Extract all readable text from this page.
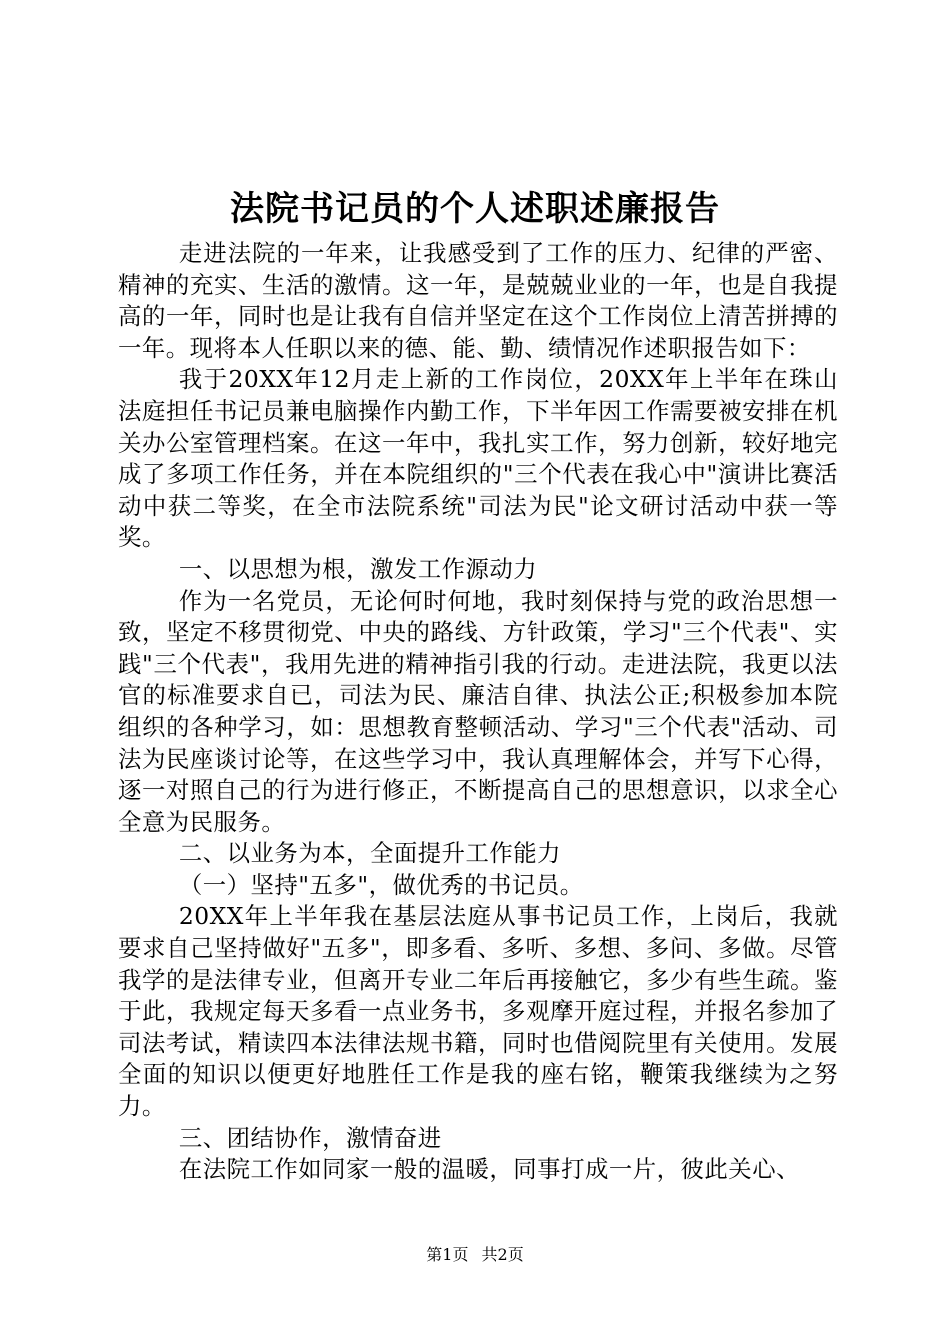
法院书记员的个人述职述廉报告

走进法院的一年来，让我感受到了工作的压力、纪律的严密、精神的充实、生活的激情。这一年，是兢兢业业的一年，也是自我提高的一年，同时也是让我有自信并坚定在这个工作岗位上清苦拼搏的一年。现将本人任职以来的德、能、勤、绩情况作述职报告如下：

我于20XX年12月走上新的工作岗位，20XX年上半年在珠山法庭担任书记员兼电脑操作内勤工作，下半年因工作需要被安排在机关办公室管理档案。在这一年中，我扎实工作，努力创新，较好地完成了多项工作任务，并在本院组织的"三个代表在我心中"演讲比赛活动中获二等奖，在全市法院系统"司法为民"论文研讨活动中获一等奖。

一、以思想为根，激发工作源动力

作为一名党员，无论何时何地，我时刻保持与党的政治思想一致，坚定不移贯彻党、中央的路线、方针政策，学习"三个代表"、实践"三个代表"，我用先进的精神指引我的行动。走进法院，我更以法官的标准要求自已，司法为民、廉洁自律、执法公正;积极参加本院组织的各种学习，如：思想教育整顿活动、学习"三个代表"活动、司法为民座谈讨论等，在这些学习中，我认真理解体会，并写下心得，逐一对照自己的行为进行修正，不断提高自己的思想意识，以求全心全意为民服务。

二、以业务为本，全面提升工作能力

（一）坚持"五多"，做优秀的书记员。

20XX年上半年我在基层法庭从事书记员工作，上岗后，我就要求自己坚持做好"五多"，即多看、多听、多想、多问、多做。尽管我学的是法律专业，但离开专业二年后再接触它，多少有些生疏。鉴于此，我规定每天多看一点业务书，多观摩开庭过程，并报名参加了司法考试，精读四本法律法规书籍，同时也借阅院里有关使用。发展全面的知识以便更好地胜任工作是我的座右铭，鞭策我继续为之努力。

三、团结协作，激情奋进

在法院工作如同家一般的温暖，同事打成一片，彼此关心、

第1页 共2页
